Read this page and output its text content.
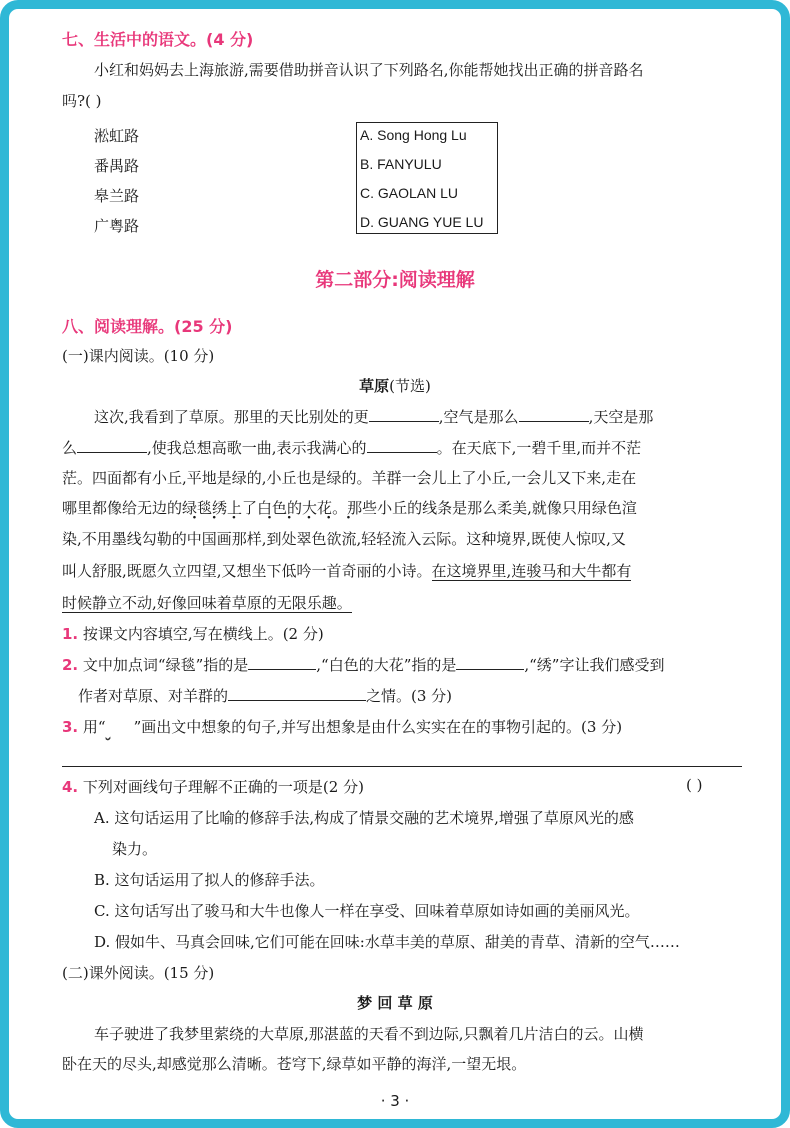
七、生活中的语文。(4 分)
小红和妈妈去上海旅游,需要借助拼音认识了下列路名,你能帮她找出正确的拼音路名
吗?( )
淞虹路
番禺路
皋兰路
广粤路
A. Song Hong Lu
B. FANYULU
C. GAOLAN LU
D. GUANG YUE LU
第二部分:阅读理解
八、阅读理解。(25 分)
(一)课内阅读。(10 分)
草原(节选)
这次,我看到了草原。那里的天比别处的更	,空气是那么	,天空是那
么	,使我总想高歌一曲,表示我满心的	。在天底下,一碧千里,而并不茫
茫。四面都有小丘,平地是绿的,小丘也是绿的。羊群一会儿上了小丘,一会儿又下来,走在
哪里都像给无边的绿毯 · · ·绣上了白色的大花 · · ·。那些小丘的线条是那么柔美,就像只用绿色渲
染,不用墨线勾勒的中国画那样,到处翠色欲流,轻轻流入云际。这种境界,既使人惊叹,又
叫人舒服,既愿久立四望,又想坐下低吟一首奇丽的小诗。在这境界里,连骏马和大牛都有
时候静立不动,好像回味着草原的无限乐趣。
1. 按课文内容填空,写在横线上。(2 分)
2. 文中加点词“绿毯”指的是	,“白色的大花”指的是	,“绣”字让我们感受到
作者对草原、对羊群的	之情。(3 分)
3. 用“ ”画出文中想象的句子,并写出想象是由什么实实在在的事物引起的。(3 分)
4. 下列对画线句子理解不正确的一项是(2 分)	( )
A. 这句话运用了比喻的修辞手法,构成了情景交融的艺术境界,增强了草原风光的感
染力。
B. 这句话运用了拟人的修辞手法。
C. 这句话写出了骏马和大牛也像人一样在享受、回味着草原如诗如画的美丽风光。
D. 假如牛、马真会回味,它们可能在回味:水草丰美的草原、甜美的青草、清新的空气……
(二)课外阅读。(15 分)
梦 回 草 原
车子驶进了我梦里萦绕的大草原,那湛蓝的天看不到边际,只飘着几片洁白的云。山横
卧在天的尽头,却感觉那么清晰。苍穹下,绿草如平静的海洋,一望无垠。
· 3 ·
